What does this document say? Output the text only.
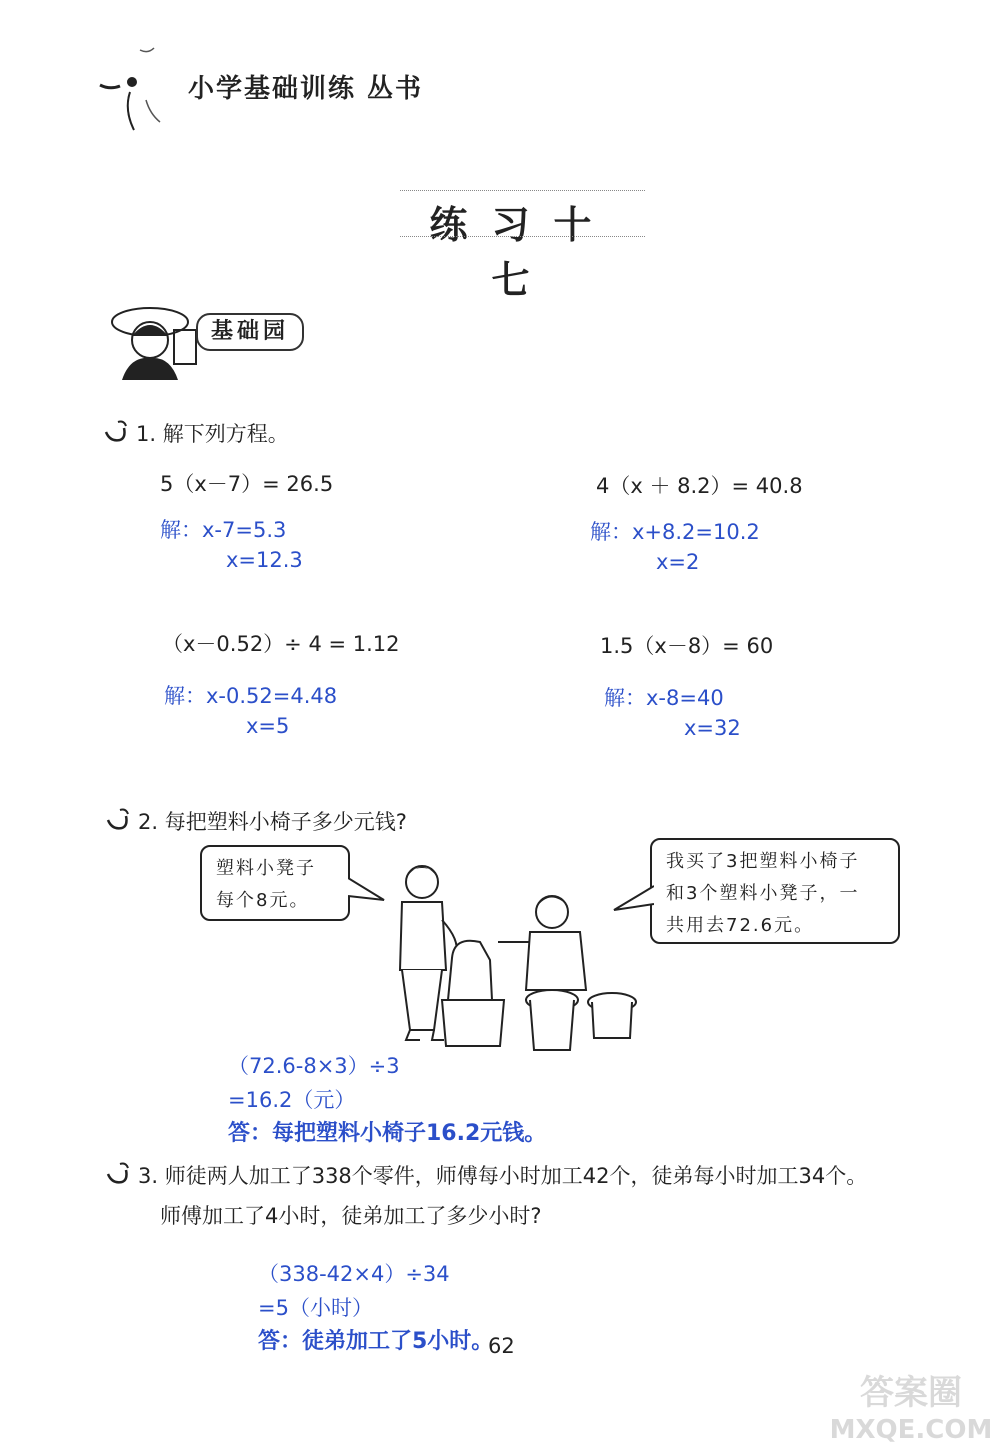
小学基础训练 丛书
练习十七
基础园
1. 解下列方程。
5（x－7）= 26.5
解：x-7=5.3
x=12.3
4（x ＋ 8.2）= 40.8
解：x+8.2=10.2
x=2
（x－0.52）÷ 4 = 1.12
解：x-0.52=4.48
x=5
1.5（x－8）= 60
解：x-8=40
x=32
2. 每把塑料小椅子多少元钱?
塑料小凳子
每个8元。
我买了3把塑料小椅子
和3个塑料小凳子，一
共用去72.6元。
（72.6-8×3）÷3
=16.2（元）
答：每把塑料小椅子16.2元钱。
3. 师徒两人加工了338个零件，师傅每小时加工42个，徒弟每小时加工34个。
师傅加工了4小时，徒弟加工了多少小时?
（338-42×4）÷34
=5（小时）
答：徒弟加工了5小时。
62
答案圈
MXQE.COM
